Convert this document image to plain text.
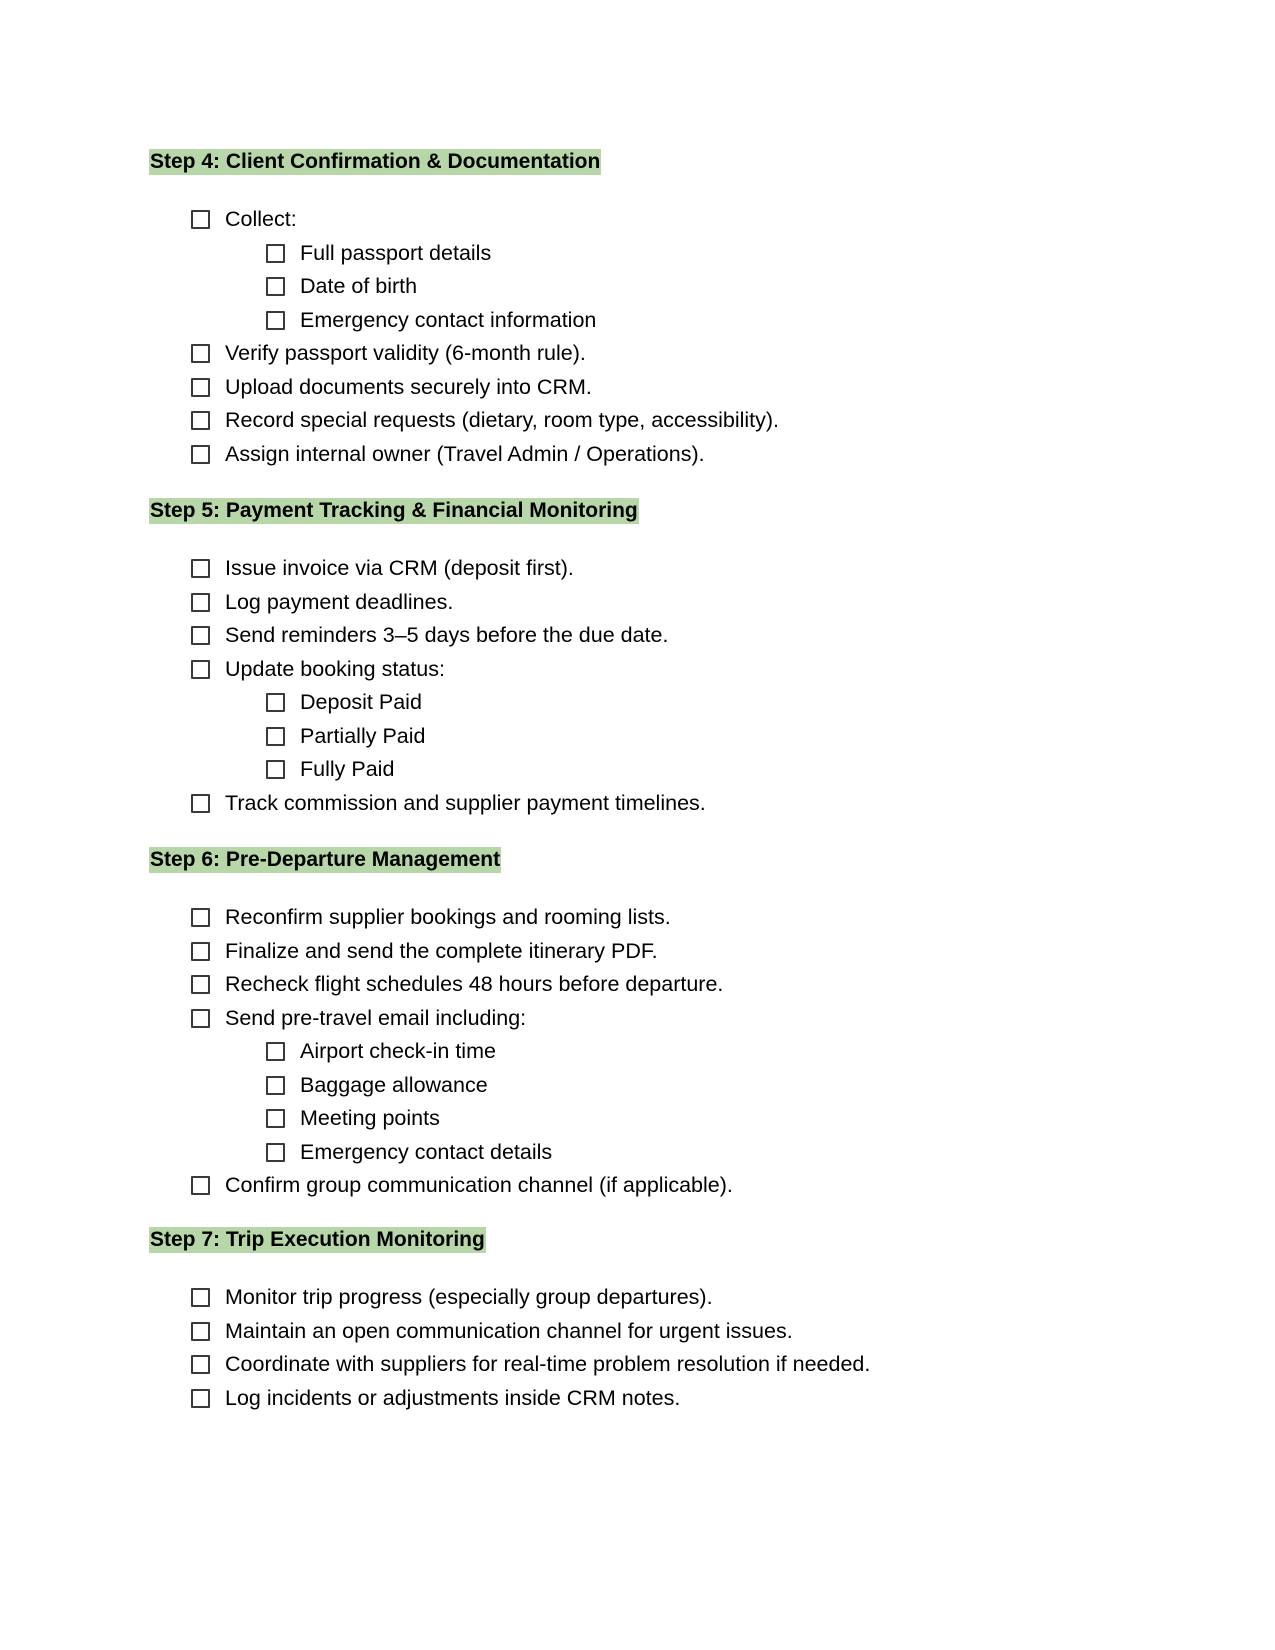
Step 4: Client Confirmation & Documentation
Collect:
Full passport details
Date of birth
Emergency contact information
Verify passport validity (6-month rule).
Upload documents securely into CRM.
Record special requests (dietary, room type, accessibility).
Assign internal owner (Travel Admin / Operations).
Step 5: Payment Tracking & Financial Monitoring
Issue invoice via CRM (deposit first).
Log payment deadlines.
Send reminders 3–5 days before the due date.
Update booking status:
Deposit Paid
Partially Paid
Fully Paid
Track commission and supplier payment timelines.
Step 6: Pre-Departure Management
Reconfirm supplier bookings and rooming lists.
Finalize and send the complete itinerary PDF.
Recheck flight schedules 48 hours before departure.
Send pre-travel email including:
Airport check-in time
Baggage allowance
Meeting points
Emergency contact details
Confirm group communication channel (if applicable).
Step 7: Trip Execution Monitoring
Monitor trip progress (especially group departures).
Maintain an open communication channel for urgent issues.
Coordinate with suppliers for real-time problem resolution if needed.
Log incidents or adjustments inside CRM notes.
